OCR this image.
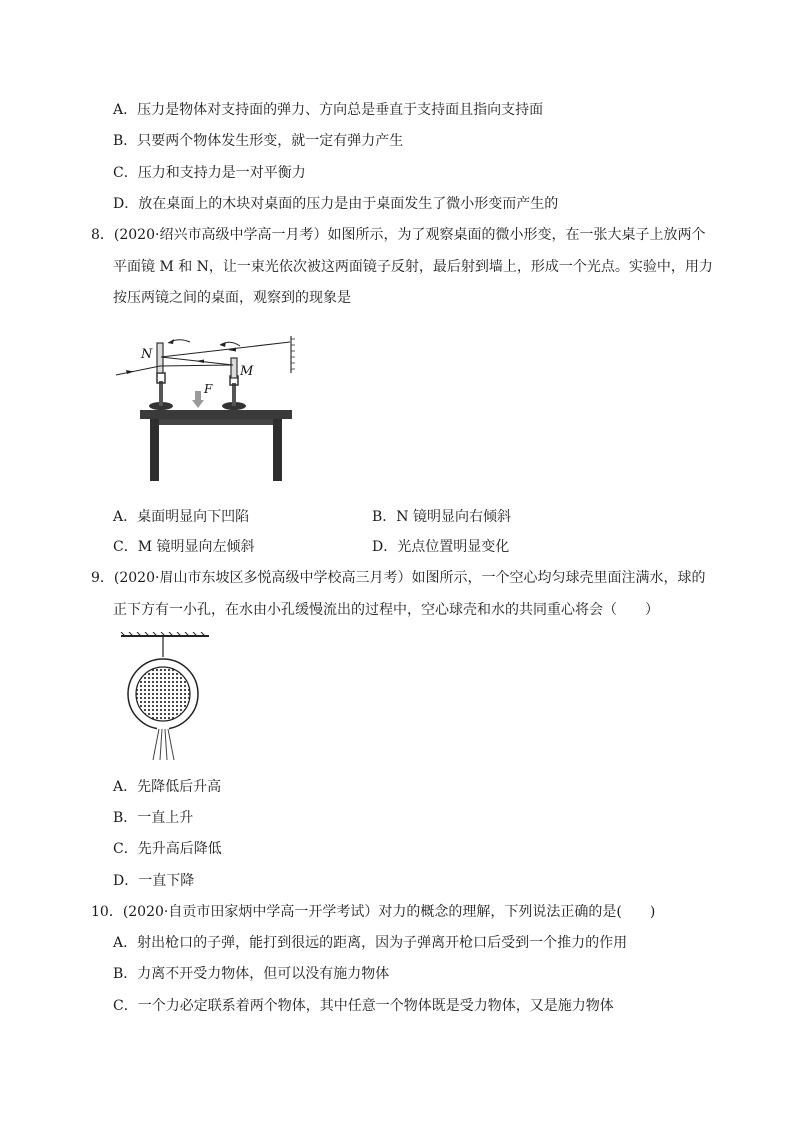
A．压力是物体对支持面的弹力、方向总是垂直于支持面且指向支持面
B．只要两个物体发生形变，就一定有弹力产生
C．压力和支持力是一对平衡力
D．放在桌面上的木块对桌面的压力是由于桌面发生了微小形变而产生的
8．(2020·绍兴市高级中学高一月考）如图所示，为了观察桌面的微小形变，在一张大桌子上放两个
平面镜 M 和 N，让一束光依次被这两面镜子反射，最后射到墙上，形成一个光点。实验中，用力
按压两镜之间的桌面，观察到的现象是
N
M
F
A．桌面明显向下凹陷	B．N 镜明显向右倾斜
C．M 镜明显向左倾斜	D．光点位置明显变化
9．(2020·眉山市东坡区多悦高级中学校高三月考）如图所示，一个空心均匀球壳里面注满水，球的
正下方有一小孔，在水由小孔缓慢流出的过程中，空心球壳和水的共同重心将会（　　）
A．先降低后升高
B．一直上升
C．先升高后降低
D．一直下降
10．(2020·自贡市田家炳中学高一开学考试）对力的概念的理解，下列说法正确的是(　　)
A．射出枪口的子弹，能打到很远的距离，因为子弹离开枪口后受到一个推力的作用
B．力离不开受力物体，但可以没有施力物体
C．一个力必定联系着两个物体，其中任意一个物体既是受力物体，又是施力物体
